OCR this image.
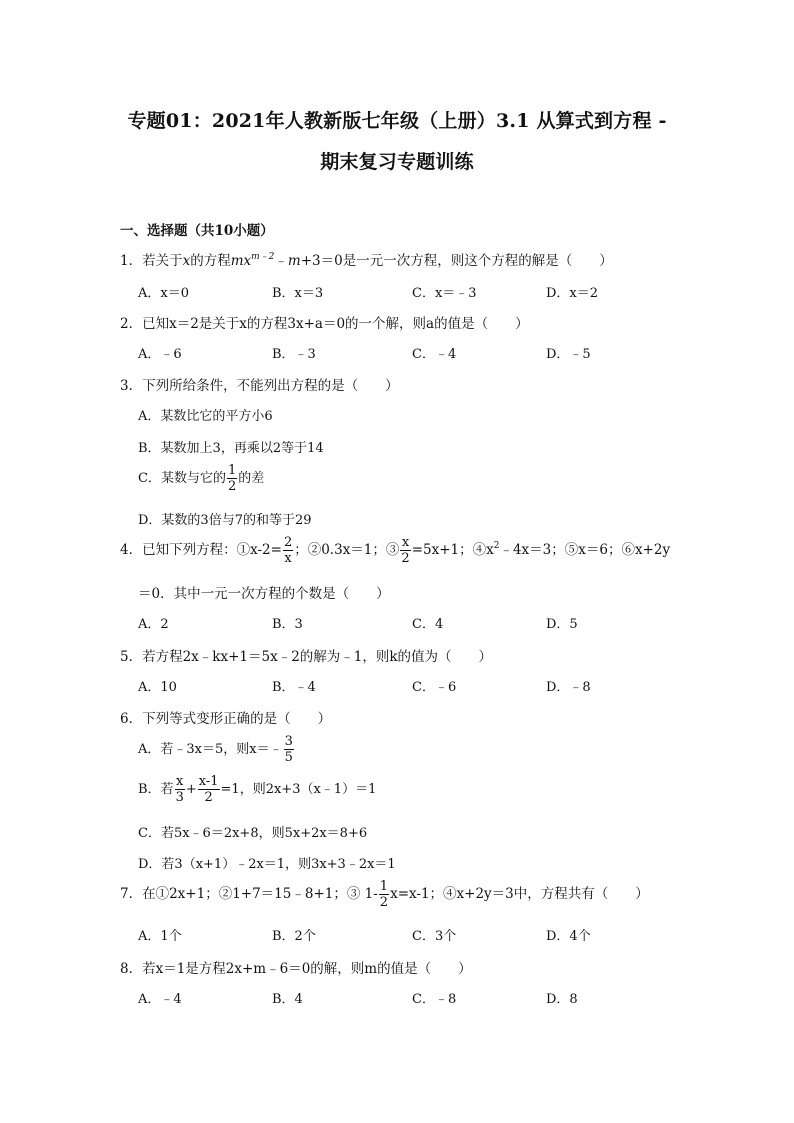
专题01：2021年人教新版七年级（上册）3.1 从算式到方程 -
期末复习专题训练
一、选择题（共10小题）
1．若关于x的方程$mx^{m﹣2}﹣m+3=0$是一元一次方程，则这个方程的解是（　　）
A．x＝0	B．x＝3	C．x＝﹣3	D．x＝2
2．已知x＝2是关于x的方程3x+a＝0的一个解，则a的值是（　　）
A．﹣6	B．﹣3	C．﹣4	D．﹣5
3．下列所给条件，不能列出方程的是（　　）
A．某数比它的平方小6
B．某数加上3，再乘以2等于14
C．某数与它的 $\frac{1}{2}$ 的差
D．某数的3倍与7的和等于29
4．已知下列方程：①x-2= $\frac{2}{x}$ ；②0.3x＝1；③ $\frac{x}{2} =5x+1$；$④x^2﹣4x=3$；⑤x＝6；⑥x+2y
＝0．其中一元一次方程的个数是（　　）
A．2	B．3	C．4	D．5
5．若方程2x﹣kx+1＝5x﹣2的解为﹣1，则k的值为（　　）
A．10	B．﹣4	C．﹣6	D．﹣8
6．下列等式变形正确的是（　　）
A．若﹣3x＝5，则x＝﹣ $\frac{3}{5}$
B．若 $\frac{x}{3} + \frac{x-1}{2} =1$，则2x+3（x﹣1）＝1
C．若5x﹣6＝2x+8，则5x+2x＝8+6
D．若3（x+1）﹣2x＝1，则3x+3﹣2x＝1
7．在①2x+1；②1+7＝15﹣8+1；③ $1- \frac{1}{2} x=x-1$；④x+2y＝3中，方程共有（　　）
A．1个	B．2个	C．3个	D．4个
8．若x＝1是方程2x+m﹣6＝0的解，则m的值是（　　）
A．﹣4	B．4	C．﹣8	D．8
